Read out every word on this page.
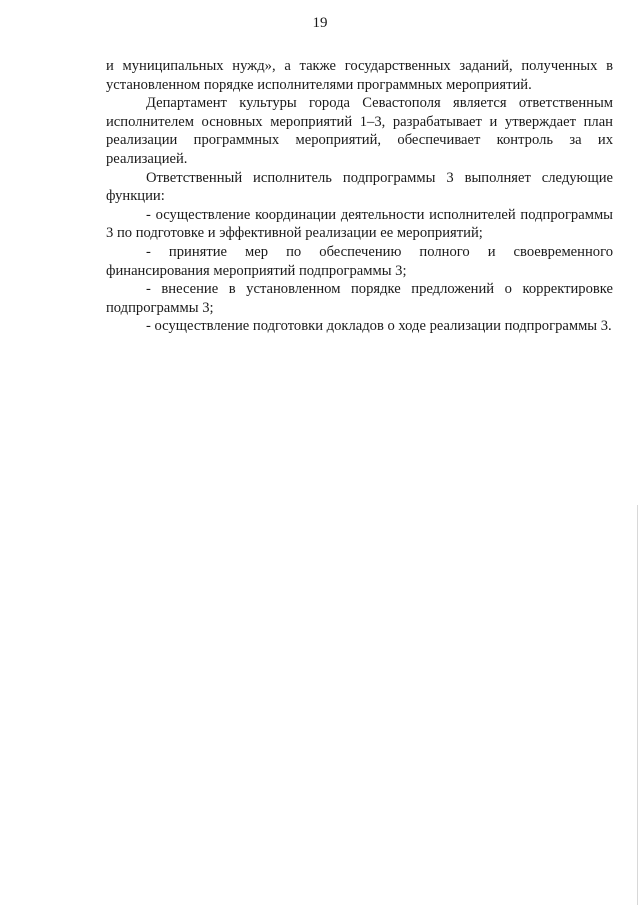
19

и муниципальных нужд», а также государственных заданий, полученных в установленном порядке исполнителями программных мероприятий.

Департамент культуры города Севастополя является ответственным исполнителем основных мероприятий 1–3, разрабатывает и утверждает план реализации программных мероприятий, обеспечивает контроль за их реализацией.

Ответственный исполнитель подпрограммы 3 выполняет следующие функции:

- осуществление координации деятельности исполнителей подпрограммы 3 по подготовке и эффективной реализации ее мероприятий;

- принятие мер по обеспечению полного и своевременного финансирования мероприятий подпрограммы 3;

- внесение в установленном порядке предложений о корректировке подпрограммы 3;

- осуществление подготовки докладов о ходе реализации подпрограммы 3.
